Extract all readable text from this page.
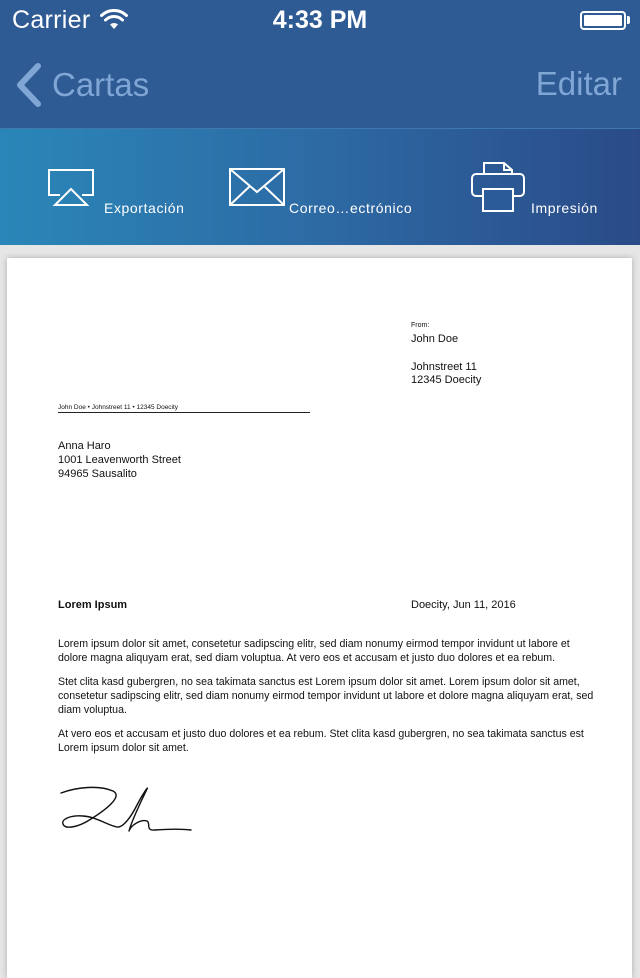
Carrier	4:33 PM
Cartas	Editar
Exportación	Correo…ectrónico	Impresión
From:
John Doe
Johnstreet 11
12345 Doecity
John Doe • Johnstreet 11 • 12345 Doecity
Anna Haro
1001 Leavenworth Street
94965 Sausalito
Lorem Ipsum	Doecity, Jun 11, 2016

Lorem ipsum dolor sit amet, consetetur sadipscing elitr, sed diam nonumy eirmod tempor invidunt ut labore et dolore magna aliquyam erat, sed diam voluptua. At vero eos et accusam et justo duo dolores et ea rebum.

Stet clita kasd gubergren, no sea takimata sanctus est Lorem ipsum dolor sit amet. Lorem ipsum dolor sit amet, consetetur sadipscing elitr, sed diam nonumy eirmod tempor invidunt ut labore et dolore magna aliquyam erat, sed diam voluptua.

At vero eos et accusam et justo duo dolores et ea rebum. Stet clita kasd gubergren, no sea takimata sanctus est Lorem ipsum dolor sit amet.
